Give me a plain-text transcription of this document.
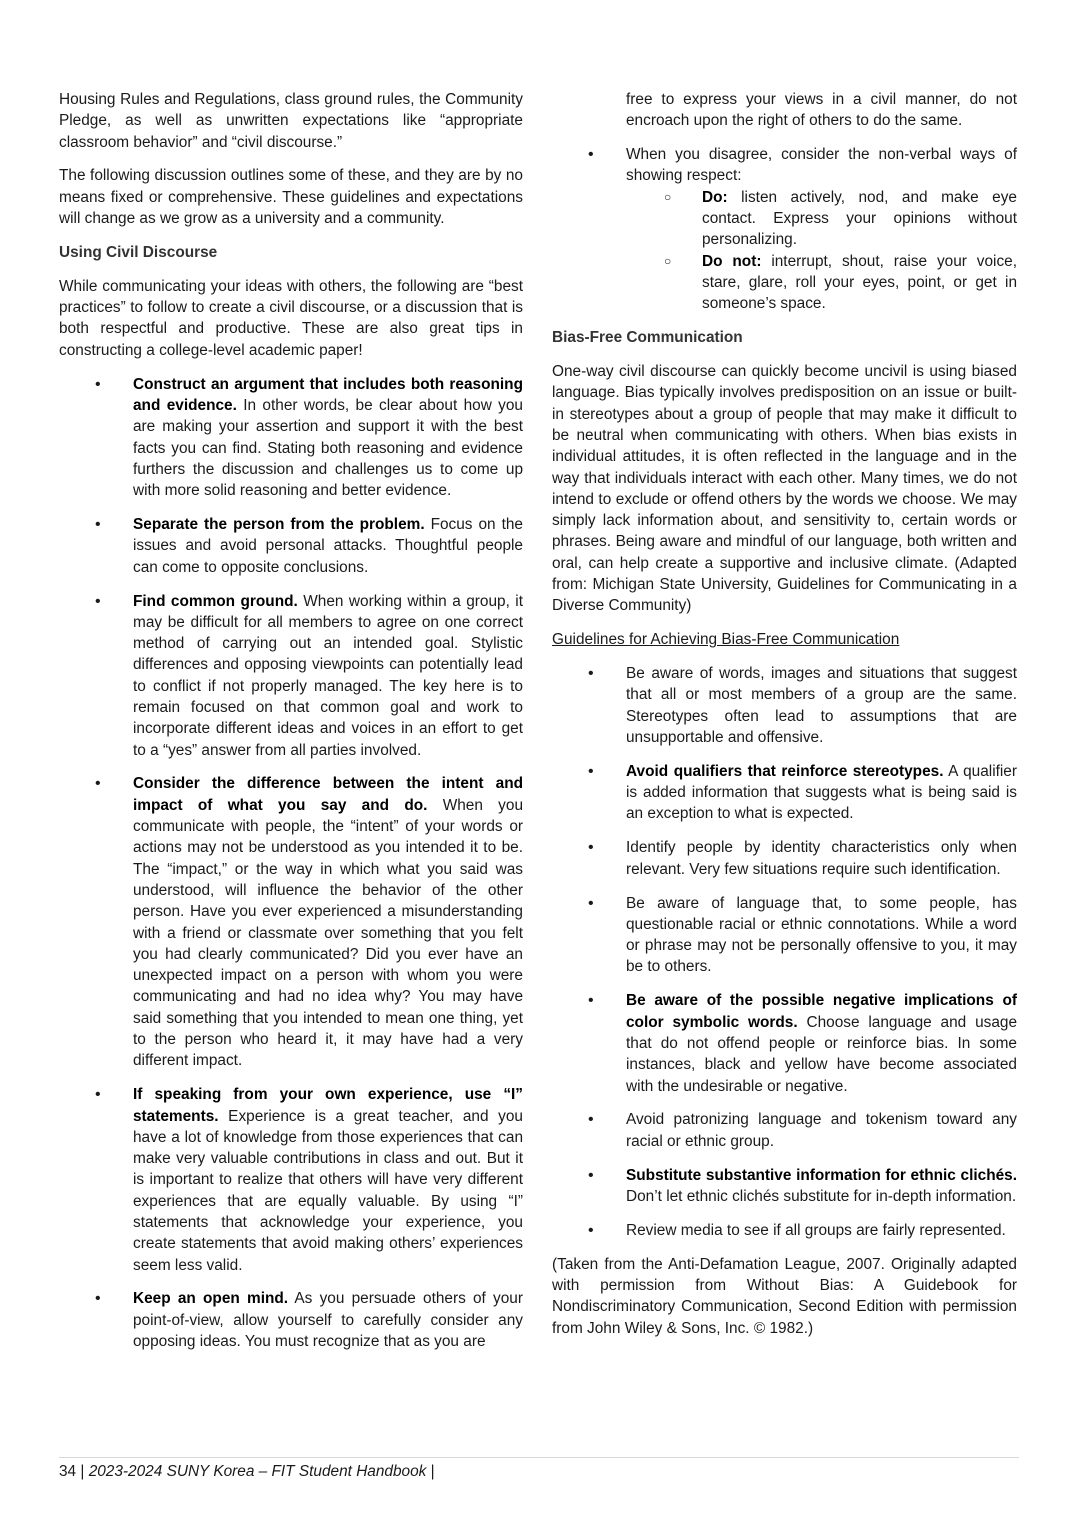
Housing Rules and Regulations, class ground rules, the Community Pledge, as well as unwritten expectations like “appropriate classroom behavior” and “civil discourse.”

The following discussion outlines some of these, and they are by no means fixed or comprehensive. These guidelines and expectations will change as we grow as a university and a community.

Using Civil Discourse

While communicating your ideas with others, the following are “best practices” to follow to create a civil discourse, or a discussion that is both respectful and productive. These are also great tips in constructing a college-level academic paper!

• Construct an argument that includes both reasoning and evidence. In other words, be clear about how you are making your assertion and support it with the best facts you can find. Stating both reasoning and evidence furthers the discussion and challenges us to come up with more solid reasoning and better evidence.
• Separate the person from the problem. Focus on the issues and avoid personal attacks. Thoughtful people can come to opposite conclusions.
• Find common ground. When working within a group, it may be difficult for all members to agree on one correct method of carrying out an intended goal. Stylistic differences and opposing viewpoints can potentially lead to conflict if not properly managed. The key here is to remain focused on that common goal and work to incorporate different ideas and voices in an effort to get to a “yes” answer from all parties involved.
• Consider the difference between the intent and impact of what you say and do. When you communicate with people, the “intent” of your words or actions may not be understood as you intended it to be. The “impact,” or the way in which what you said was understood, will influence the behavior of the other person. Have you ever experienced a misunderstanding with a friend or classmate over something that you felt you had clearly communicated? Did you ever have an unexpected impact on a person with whom you were communicating and had no idea why? You may have said something that you intended to mean one thing, yet to the person who heard it, it may have had a very different impact.
• If speaking from your own experience, use “I” statements. Experience is a great teacher, and you have a lot of knowledge from those experiences that can make very valuable contributions in class and out. But it is important to realize that others will have very different experiences that are equally valuable. By using “I” statements that acknowledge your experience, you create statements that avoid making others’ experiences seem less valid.
• Keep an open mind. As you persuade others of your point-of-view, allow yourself to carefully consider any opposing ideas. You must recognize that as you are

free to express your views in a civil manner, do not encroach upon the right of others to do the same.

• When you disagree, consider the non-verbal ways of showing respect:
○ Do: listen actively, nod, and make eye contact. Express your opinions without personalizing.
○ Do not: interrupt, shout, raise your voice, stare, glare, roll your eyes, point, or get in someone’s space.
Bias-Free Communication

One-way civil discourse can quickly become uncivil is using biased language. Bias typically involves predisposition on an issue or built-in stereotypes about a group of people that may make it difficult to be neutral when communicating with others. When bias exists in individual attitudes, it is often reflected in the language and in the way that individuals interact with each other. Many times, we do not intend to exclude or offend others by the words we choose. We may simply lack information about, and sensitivity to, certain words or phrases. Being aware and mindful of our language, both written and oral, can help create a supportive and inclusive climate. (Adapted from: Michigan State University, Guidelines for Communicating in a Diverse Community)

Guidelines for Achieving Bias-Free Communication
• Be aware of words, images and situations that suggest that all or most members of a group are the same. Stereotypes often lead to assumptions that are unsupportable and offensive.
• Avoid qualifiers that reinforce stereotypes. A qualifier is added information that suggests what is being said is an exception to what is expected.
• Identify people by identity characteristics only when relevant. Very few situations require such identification.
• Be aware of language that, to some people, has questionable racial or ethnic connotations. While a word or phrase may not be personally offensive to you, it may be to others.
• Be aware of the possible negative implications of color symbolic words. Choose language and usage that do not offend people or reinforce bias. In some instances, black and yellow have become associated with the undesirable or negative.
• Avoid patronizing language and tokenism toward any racial or ethnic group.
• Substitute substantive information for ethnic clichés. Don’t let ethnic clichés substitute for in-depth information.
• Review media to see if all groups are fairly represented.

(Taken from the Anti-Defamation League, 2007. Originally adapted with permission from Without Bias: A Guidebook for Nondiscriminatory Communication, Second Edition with permission from John Wiley & Sons, Inc. © 1982.)

34 | 2023-2024 SUNY Korea – FIT Student Handbook |
